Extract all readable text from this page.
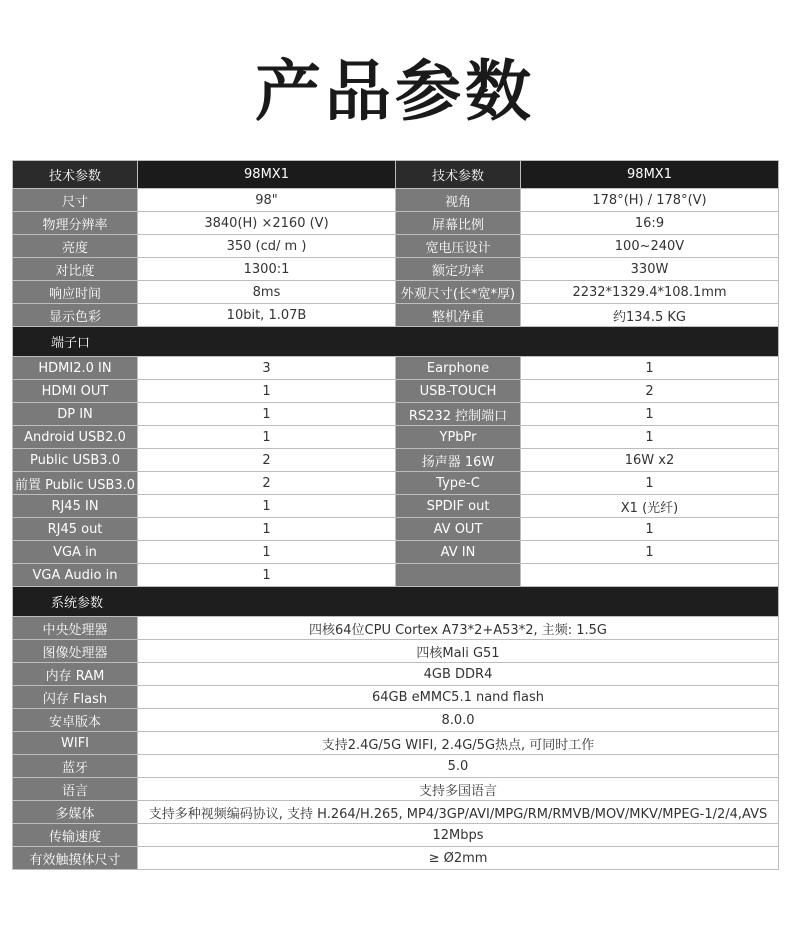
产品参数
技术参数	98MX1	技术参数	98MX1
尺寸	98"	视角	178°(H) / 178°(V)
物理分辨率	3840(H) ×2160 (V)	屏幕比例	16:9
亮度	350 (cd/ m )	宽电压设计	100~240V
对比度	1300:1	额定功率	330W
响应时间	8ms	外观尺寸(长*宽*厚)	2232*1329.4*108.1mm
显示色彩	10bit, 1.07B	整机净重	约134.5 KG
端子口			
HDMI2.0 IN	3	Earphone	1
HDMI OUT	1	USB-TOUCH	2
DP IN	1	RS232 控制端口	1
Android USB2.0	1	YPbPr	1
Public USB3.0	2	扬声器 16W	16W x2
前置 Public USB3.0	2	Type-C	1
RJ45 IN	1	SPDIF out	X1 (光纤)
RJ45 out	1	AV OUT	1
VGA in	1	AV IN	1
VGA Audio in	1		
系统参数			
中央处理器	四核64位CPU Cortex A73*2+A53*2, 主频: 1.5G		
图像处理器	四核Mali G51		
内存 RAM	4GB DDR4		
闪存 Flash	64GB eMMC5.1 nand flash		
安卓版本	8.0.0		
WIFI	支持2.4G/5G WIFI, 2.4G/5G热点, 可同时工作		
蓝牙	5.0		
语言	支持多国语言		
多媒体	支持多种视频编码协议, 支持 H.264/H.265, MP4/3GP/AVI/MPG/RM/RMVB/MOV/MKV/MPEG-1/2/4,AVS		
传输速度	12Mbps		
有效触摸体尺寸	≥ Ø2mm		
